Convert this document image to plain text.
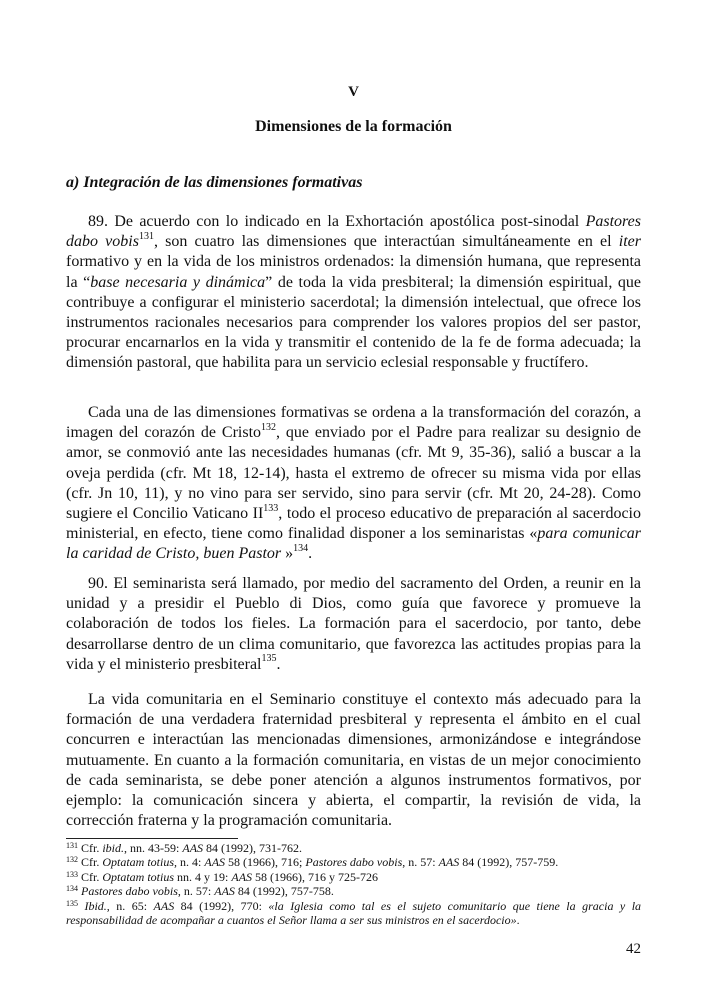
V
Dimensiones de la formación
a) Integración de las dimensiones formativas

89. De acuerdo con lo indicado en la Exhortación apostólica post-sinodal Pastores dabo vobis$^{131}$, son cuatro las dimensiones que interactúan simultáneamente en el iter formativo y en la vida de los ministros ordenados: la dimensión humana, que representa la “base necesaria y dinámica” de toda la vida presbiteral; la dimensión espiritual, que contribuye a configurar el ministerio sacerdotal; la dimensión intelectual, que ofrece los instrumentos racionales necesarios para comprender los valores propios del ser pastor, procurar encarnarlos en la vida y transmitir el contenido de la fe de forma adecuada; la dimensión pastoral, que habilita para un servicio eclesial responsable y fructífero.

Cada una de las dimensiones formativas se ordena a la transformación del corazón, a imagen del corazón de Cristo$^{132}$, que enviado por el Padre para realizar su designio de amor, se conmovió ante las necesidades humanas (cfr. Mt 9, 35-36), salió a buscar a la oveja perdida (cfr. Mt 18, 12-14), hasta el extremo de ofrecer su misma vida por ellas (cfr. Jn 10, 11), y no vino para ser servido, sino para servir (cfr. Mt 20, 24-28). Como sugiere el Concilio Vaticano II$^{133}$, todo el proceso educativo de preparación al sacerdocio ministerial, en efecto, tiene como finalidad disponer a los seminaristas «para comunicar la caridad de Cristo, buen Pastor »$^{134}$.

90. El seminarista será llamado, por medio del sacramento del Orden, a reunir en la unidad y a presidir el Pueblo di Dios, como guía que favorece y promueve la colaboración de todos los fieles. La formación para el sacerdocio, por tanto, debe desarrollarse dentro de un clima comunitario, que favorezca las actitudes propias para la vida y el ministerio presbiteral$^{135}$.

La vida comunitaria en el Seminario constituye el contexto más adecuado para la formación de una verdadera fraternidad presbiteral y representa el ámbito en el cual concurren e interactúan las mencionadas dimensiones, armonizándose e integrándose mutuamente. En cuanto a la formación comunitaria, en vistas de un mejor conocimiento de cada seminarista, se debe poner atención a algunos instrumentos formativos, por ejemplo: la comunicación sincera y abierta, el compartir, la revisión de vida, la corrección fraterna y la programación comunitaria.

$^{131}$ Cfr. ibid., nn. 43-59: AAS 84 (1992), 731-762.

$^{132}$ Cfr. Optatam totius, n. 4: AAS 58 (1966), 716; Pastores dabo vobis, n. 57: AAS 84 (1992), 757-759.

$^{133}$ Cfr. Optatam totius nn. 4 y 19: AAS 58 (1966), 716 y 725-726

$^{134}$ Pastores dabo vobis, n. 57: AAS 84 (1992), 757-758.

$^{135}$ Ibid., n. 65: AAS 84 (1992), 770: «la Iglesia como tal es el sujeto comunitario que tiene la gracia y la responsabilidad de acompañar a cuantos el Señor llama a ser sus ministros en el sacerdocio».

42
